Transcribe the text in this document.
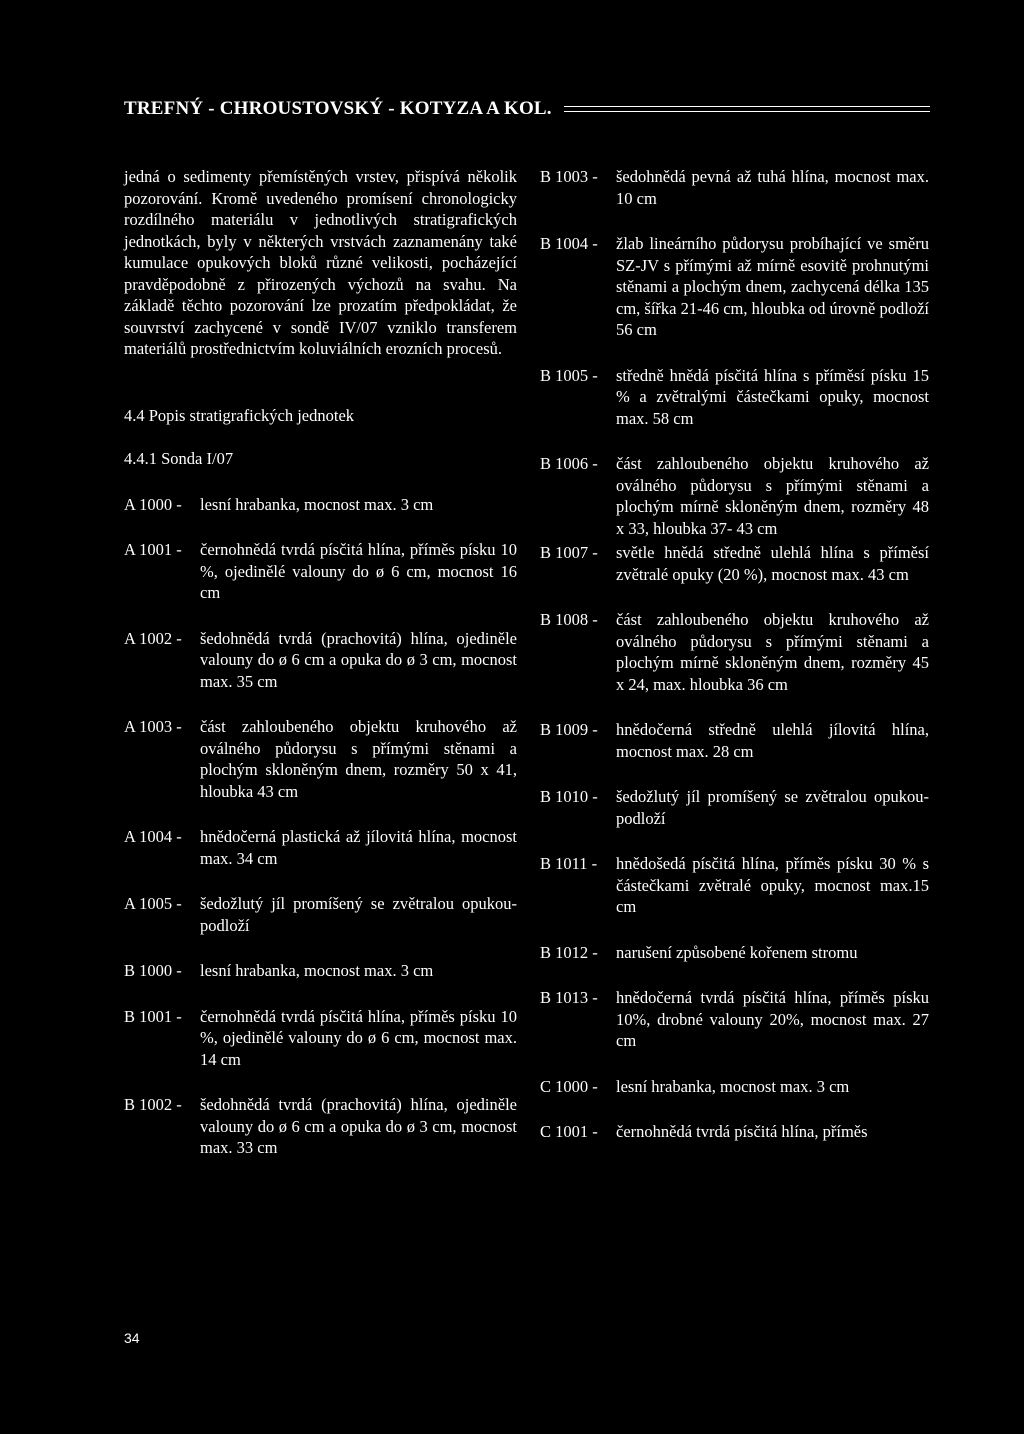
TREFNÝ - CHROUSTOVSKÝ - KOTYZA A KOL.

jedná o sedimenty přemístěných vrstev, přispívá několik pozorování. Kromě uvedeného promísení chronologicky rozdílného materiálu v jednotlivých stratigrafických jednotkách, byly v některých vrstvách zaznamenány také kumulace opukových bloků různé velikosti, pocházející pravděpodobně z přirozených výchozů na svahu. Na základě těchto pozorování lze prozatím předpokládat, že souvrství zachycené v sondě IV/07 vzniklo transferem materiálů prostřednictvím koluviálních erozních procesů.

4.4 Popis stratigrafických jednotek

4.4.1 Sonda I/07

A 1000 -	lesní hrabanka, mocnost max. 3 cm
A 1001 -	černohnědá tvrdá písčitá hlína, příměs písku 10 %, ojedinělé valouny do ø 6 cm, mocnost 16 cm
A 1002 -	šedohnědá tvrdá (prachovitá) hlína, ojediněle valouny do ø 6 cm a opuka do ø 3 cm, mocnost max. 35 cm
A 1003 -	část zahloubeného objektu kruhového až oválného půdorysu s přímými stěnami a plochým skloněným dnem, rozměry 50 x 41, hloubka 43 cm
A 1004 -	hnědočerná plastická až jílovitá hlína, mocnost max. 34 cm
A 1005 -	šedožlutý jíl promíšený se zvětralou opukou-podloží
B 1000 -	lesní hrabanka, mocnost max. 3 cm
B 1001 -	černohnědá tvrdá písčitá hlína, příměs písku 10 %, ojedinělé valouny do ø 6 cm, mocnost max. 14 cm
B 1002 -	šedohnědá tvrdá (prachovitá) hlína, ojediněle valouny do ø 6 cm a opuka do ø 3 cm, mocnost max. 33 cm
B 1003 -	šedohnědá pevná až tuhá hlína, mocnost max. 10 cm
B 1004 -	žlab lineárního půdorysu probíhající ve směru SZ-JV s přímými až mírně esovitě prohnutými stěnami a plochým dnem, zachycená délka 135 cm, šířka 21-46 cm, hloubka od úrovně podloží 56 cm
B 1005 -	středně hnědá písčitá hlína s příměsí písku 15 % a zvětralými částečkami opuky, mocnost max. 58 cm
B 1006 -	část zahloubeného objektu kruhového až oválného půdorysu s přímými stěnami a plochým mírně skloněným dnem, rozměry 48 x 33, hloubka 37- 43 cm
B 1007 -	světle hnědá středně ulehlá hlína s příměsí zvětralé opuky (20 %), mocnost max. 43 cm
B 1008 -	část zahloubeného objektu kruhového až oválného půdorysu s přímými stěnami a plochým mírně skloněným dnem, rozměry 45 x 24, max. hloubka 36 cm
B 1009 -	hnědočerná středně ulehlá jílovitá hlína, mocnost max. 28 cm
B 1010 -	šedožlutý jíl promíšený se zvětralou opukou-podloží
B 1011 -	hnědošedá písčitá hlína, příměs písku 30 % s částečkami zvětralé opuky, mocnost max.15 cm
B 1012 -	narušení způsobené kořenem stromu
B 1013 -	hnědočerná tvrdá písčitá hlína, příměs písku 10%, drobné valouny 20%, mocnost max. 27 cm
C 1000 -	lesní hrabanka, mocnost max. 3 cm
C 1001 -	černohnědá tvrdá písčitá hlína, příměs
34
